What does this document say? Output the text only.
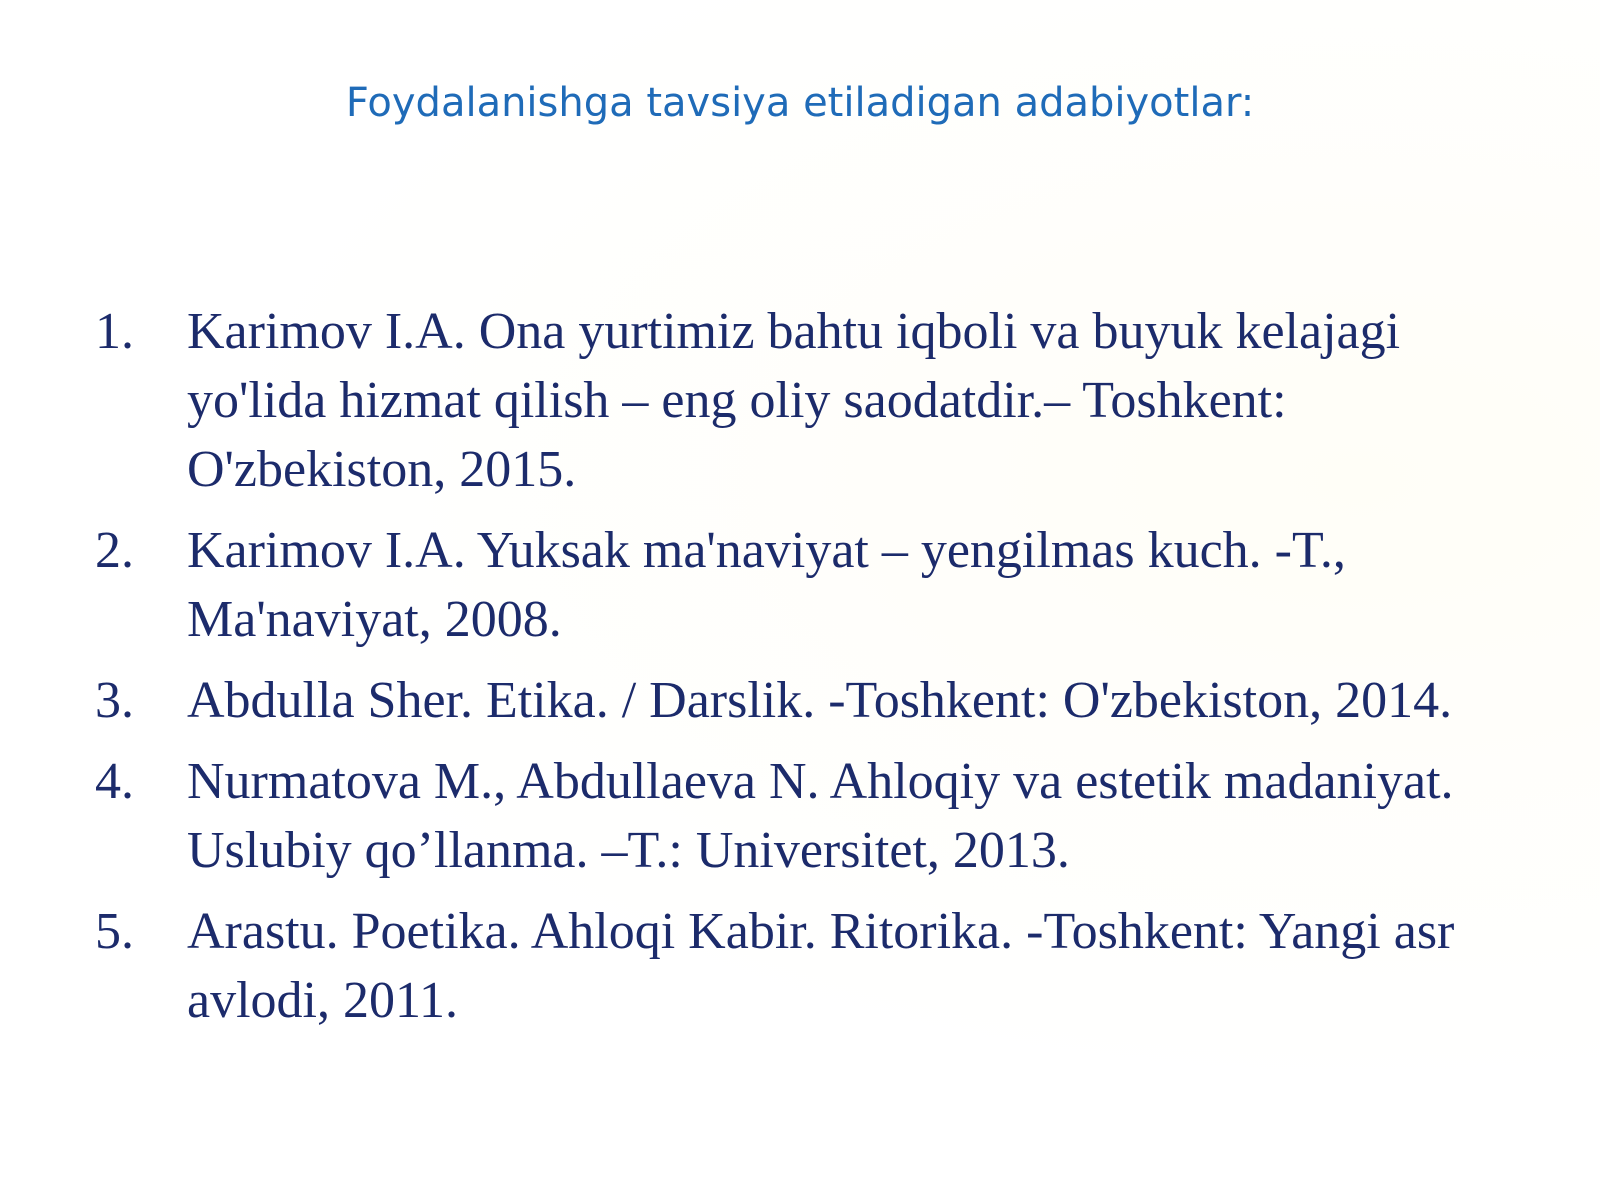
Foydalanishga tavsiya etiladigan adabiyotlar:
1.	Karimov I.A. Ona yurtimiz bahtu iqboli va buyuk kelajagi yo'lida hizmat qilish – eng oliy saodatdir.– Toshkent: O'zbekiston, 2015.
2.	Karimov I.A. Yuksak ma'naviyat – yengilmas kuch. -T., Ma'naviyat, 2008.
3.	Abdulla Sher. Etika. / Darslik. -Toshkent: O'zbekiston, 2014.
4.	Nurmatova M., Abdullaeva N. Ahloqiy va estetik madaniyat. Uslubiy qo’llanma. –T.: Universitet, 2013.
5.	Arastu. Poetika. Ahloqi Kabir. Ritorika. -Toshkent: Yangi asr avlodi, 2011.
